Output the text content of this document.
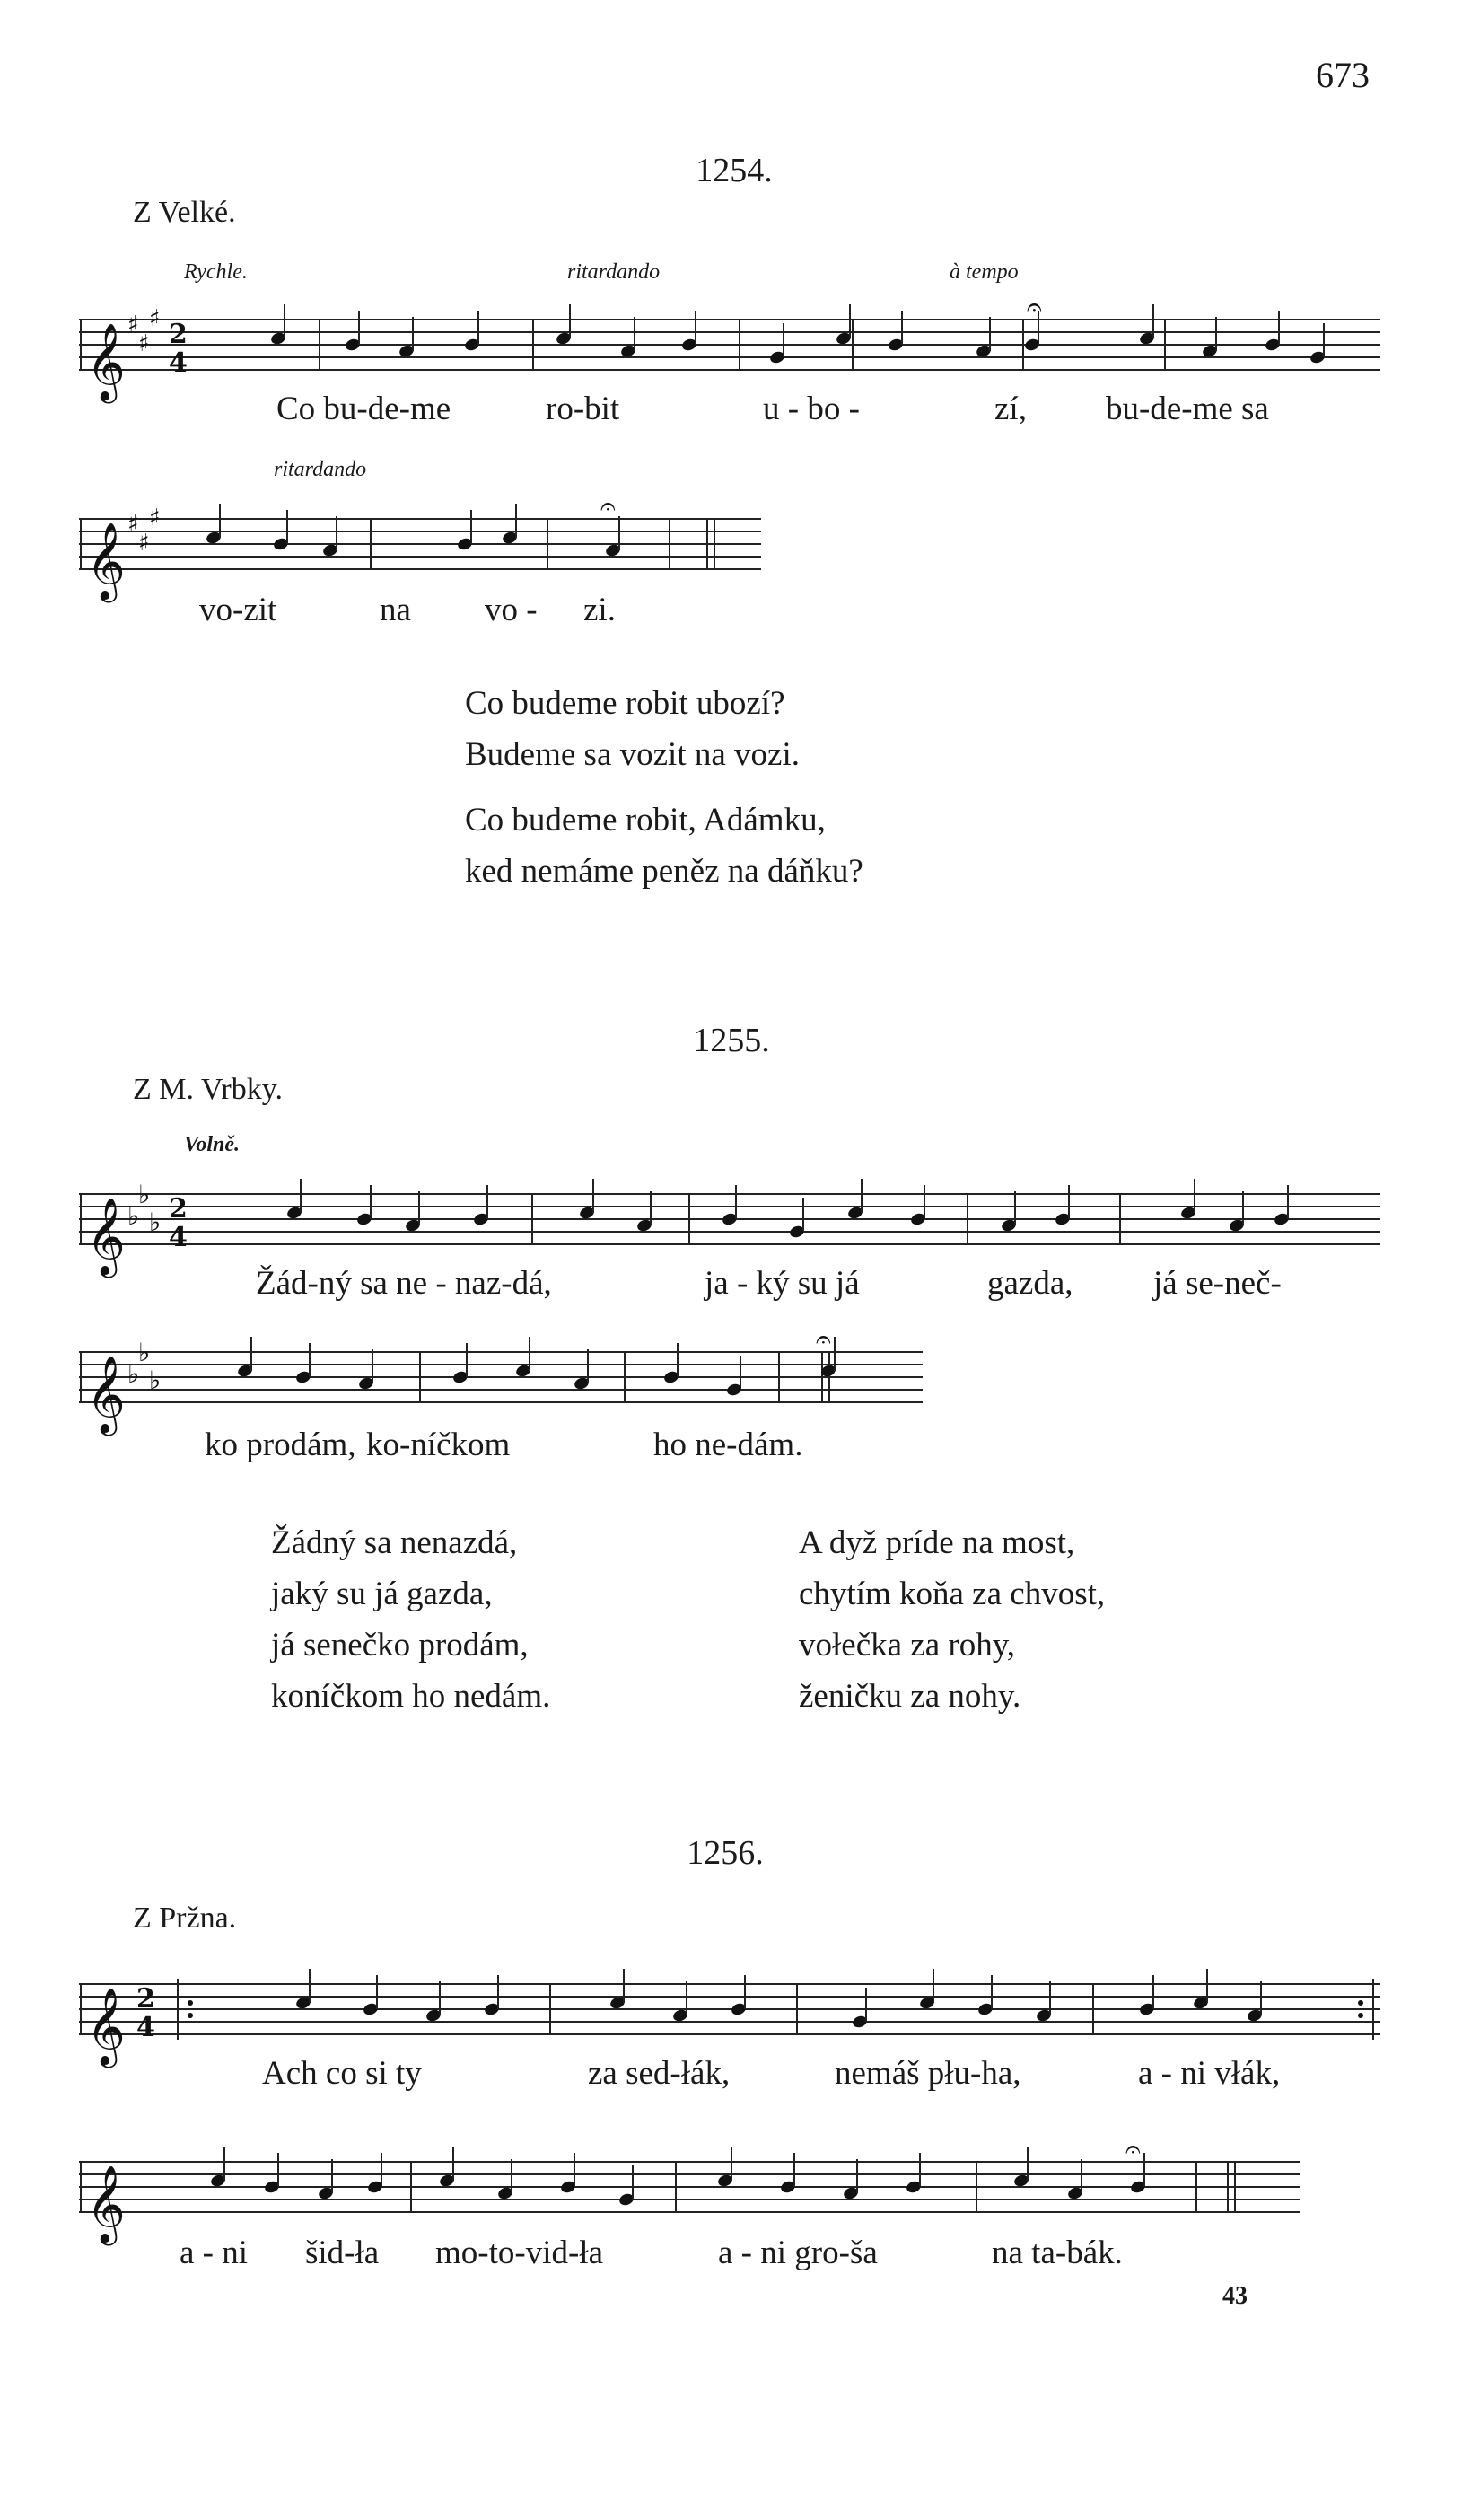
673
1254.
Z Velké.
Rychle.	ritardando	à tempo
𝄞 ♯
♯
♯ 2
4
𝄐
Co bu-de-me	ro-bit	u - bo -	zí, bu-de-me sa
ritardando
𝄞 ♯
♯
♯	𝄐
vo-zit	na vo - zi.
Co budeme robit ubozí?
Budeme sa vozit na vozi.
Co budeme robit, Adámku,
ked nemáme peněz na dáňku?
1255.
Z M. Vrbky.
Volně.
𝄞 ♭
♭
♭ 2
4
Žád-ný sa ne - naz-dá,	ja - ký su já	gazda, já se-neč-
𝄞 ♭
♭
♭
𝄐
ko prodám, ko-níčkom	ho ne-dám.
Žádný sa nenazdá,
jaký su já gazda,
já senečko prodám,
koníčkom ho nedám.
A dyž príde na most,
chytím koňa za chvost,
vołečka za rohy,
ženičku za nohy.
1256.
Z Pržna.
𝄞 2
4
Ach co si ty	za sed-łák,	nemáš płu-ha,	a - ni vłák,
𝄞
𝄐
a - ni šid-ła mo-to-vid-ła	a - ni gro-ša	na ta-bák.
43
